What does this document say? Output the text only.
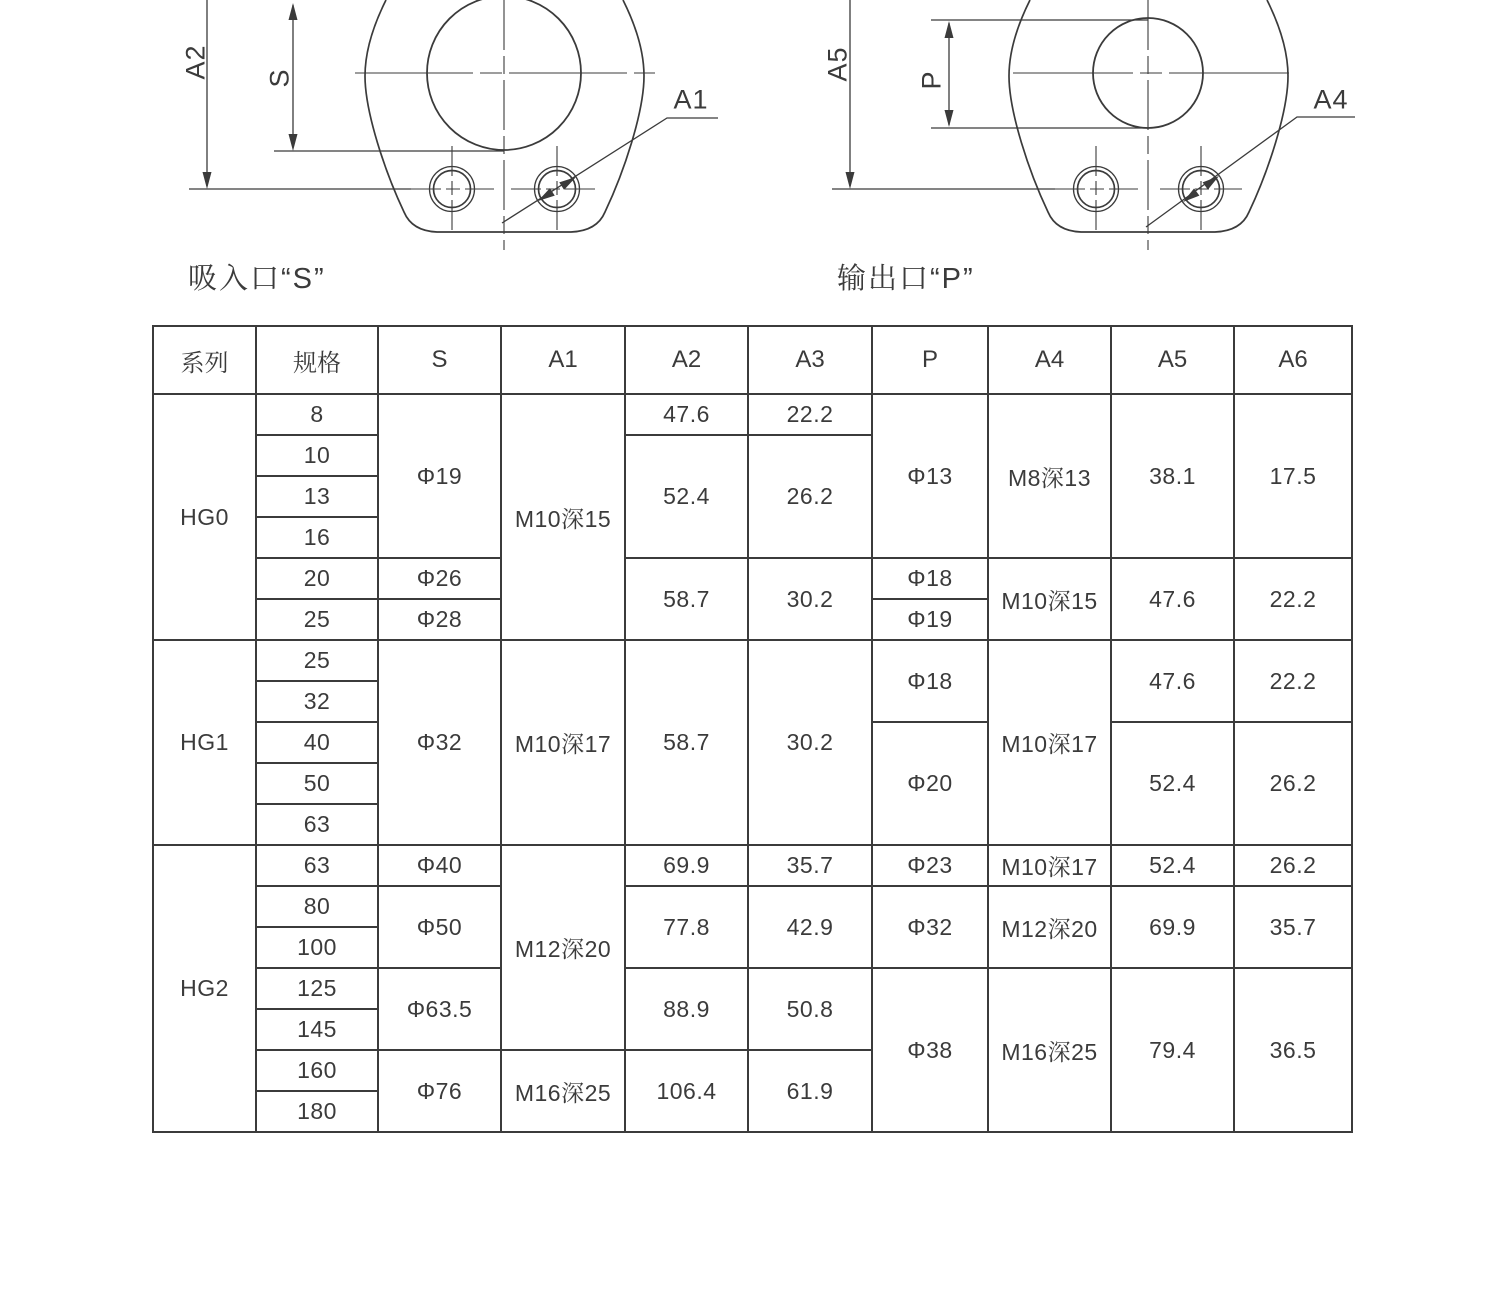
A2 S
A1
A5 P
A4
吸入口“S”	输出口“P”
系列	规格	S	A1	A2	A3	P	A4	A5	A6
HG0	8	Φ19	M10深15	47.6	22.2	Φ13	M8深13	38.1	17.5
	10			52.4	26.2				
	13								
	16								
	20	Φ26		58.7	30.2	Φ18	M10深15	47.6	22.2
	25	Φ28				Φ19			
HG1	25	Φ32	M10深17	58.7	30.2	Φ18	M10深17	47.6	22.2
	32								
	40					Φ20		52.4	26.2
	50								
	63								
HG2	63	Φ40	M12深20	69.9	35.7	Φ23	M10深17	52.4	26.2
	80	Φ50		77.8	42.9	Φ32	M12深20	69.9	35.7
	100								
	125	Φ63.5		88.9	50.8	Φ38	M16深25	79.4	36.5
	145								
	160	Φ76	M16深25	106.4	61.9				
	180								
